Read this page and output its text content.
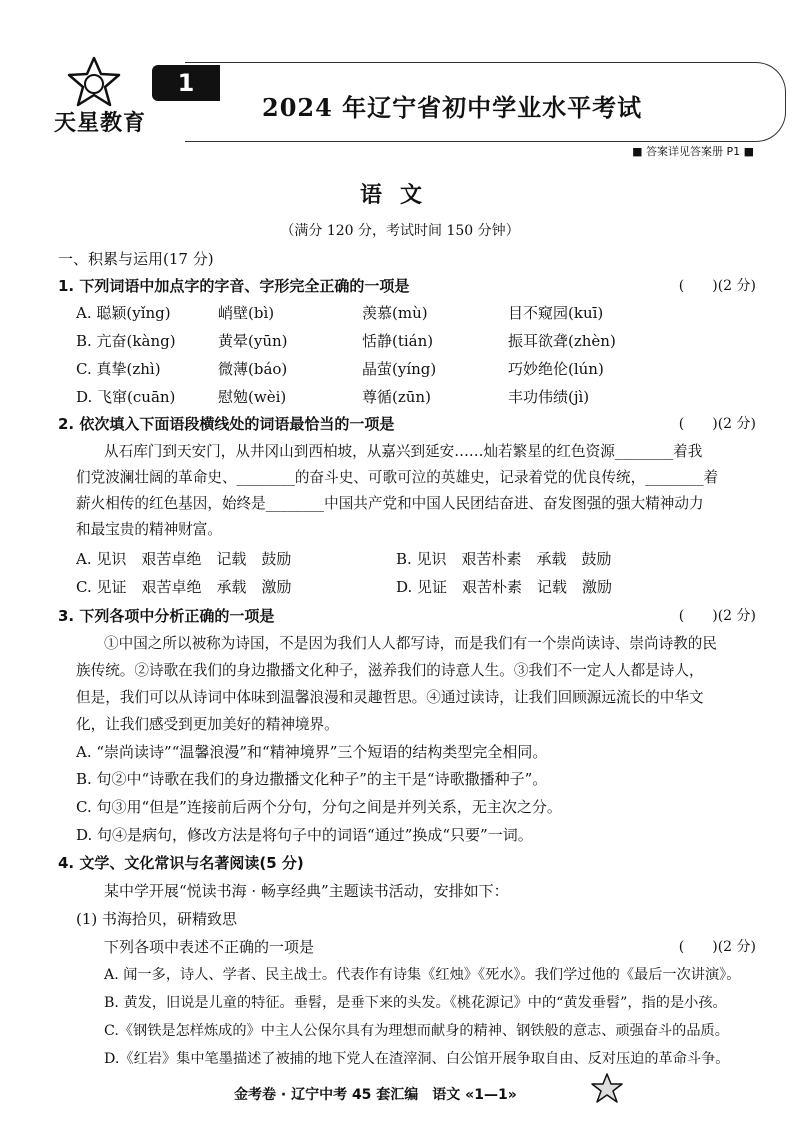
天星教育
1
2024 年辽宁省初中学业水平考试
■ 答案详见答案册 P1 ■
语文
（满分 120 分，考试时间 150 分钟）
一、积累与运用(17 分)
1. 下列词语中加点字的字音、字形完全正确的一项是	(　　)(2 分)
A. 聪颖(yǐng)	峭壁(bì)	羡慕(mù)	目不窥园(kuī)
B. 亢奋(kàng)	黄晕(yūn)	恬静(tián)	振耳欲聋(zhèn)
C. 真挚(zhì)	微薄(báo)	晶萤(yíng)	巧妙绝伦(lún)
D. 飞窜(cuān)	慰勉(wèi)	尊循(zūn)	丰功伟绩(jì)
2. 依次填入下面语段横线处的词语最恰当的一项是	(　　)(2 分)
从石库门到天安门，从井冈山到西柏坡，从嘉兴到延安……灿若繁星的红色资源________着我
们党波澜壮阔的革命史、________的奋斗史、可歌可泣的英雄史，记录着党的优良传统，________着
薪火相传的红色基因，始终是________中国共产党和中国人民团结奋进、奋发图强的强大精神动力
和最宝贵的精神财富。
A. 见识　艰苦卓绝　记载　鼓励	B. 见识　艰苦朴素　承载　鼓励
C. 见证　艰苦卓绝　承载　激励	D. 见证　艰苦朴素　记载　激励
3. 下列各项中分析正确的一项是	(　　)(2 分)
①中国之所以被称为诗国，不是因为我们人人都写诗，而是我们有一个崇尚读诗、崇尚诗教的民
族传统。②诗歌在我们的身边撒播文化种子，滋养我们的诗意人生。③我们不一定人人都是诗人，
但是，我们可以从诗词中体味到温馨浪漫和灵趣哲思。④通过读诗，让我们回顾源远流长的中华文
化，让我们感受到更加美好的精神境界。
A. “崇尚读诗”“温馨浪漫”和“精神境界”三个短语的结构类型完全相同。
B. 句②中“诗歌在我们的身边撒播文化种子”的主干是“诗歌撒播种子”。
C. 句③用“但是”连接前后两个分句，分句之间是并列关系，无主次之分。
D. 句④是病句，修改方法是将句子中的词语“通过”换成“只要”一词。
4. 文学、文化常识与名著阅读(5 分)
某中学开展“悦读书海 · 畅享经典”主题读书活动，安排如下：
(1) 书海拾贝，研精致思
下列各项中表述不正确的一项是	(　　)(2 分)
A. 闻一多，诗人、学者、民主战士。代表作有诗集《红烛》《死水》。我们学过他的《最后一次讲演》。
B. 黄发，旧说是儿童的特征。垂髫，是垂下来的头发。《桃花源记》中的“黄发垂髫”，指的是小孩。
C.《钢铁是怎样炼成的》中主人公保尔具有为理想而献身的精神、钢铁般的意志、顽强奋斗的品质。
D.《红岩》集中笔墨描述了被捕的地下党人在渣滓洞、白公馆开展争取自由、反对压迫的革命斗争。
金考卷 · 辽宁中考 45 套汇编　语文 «1—1»
